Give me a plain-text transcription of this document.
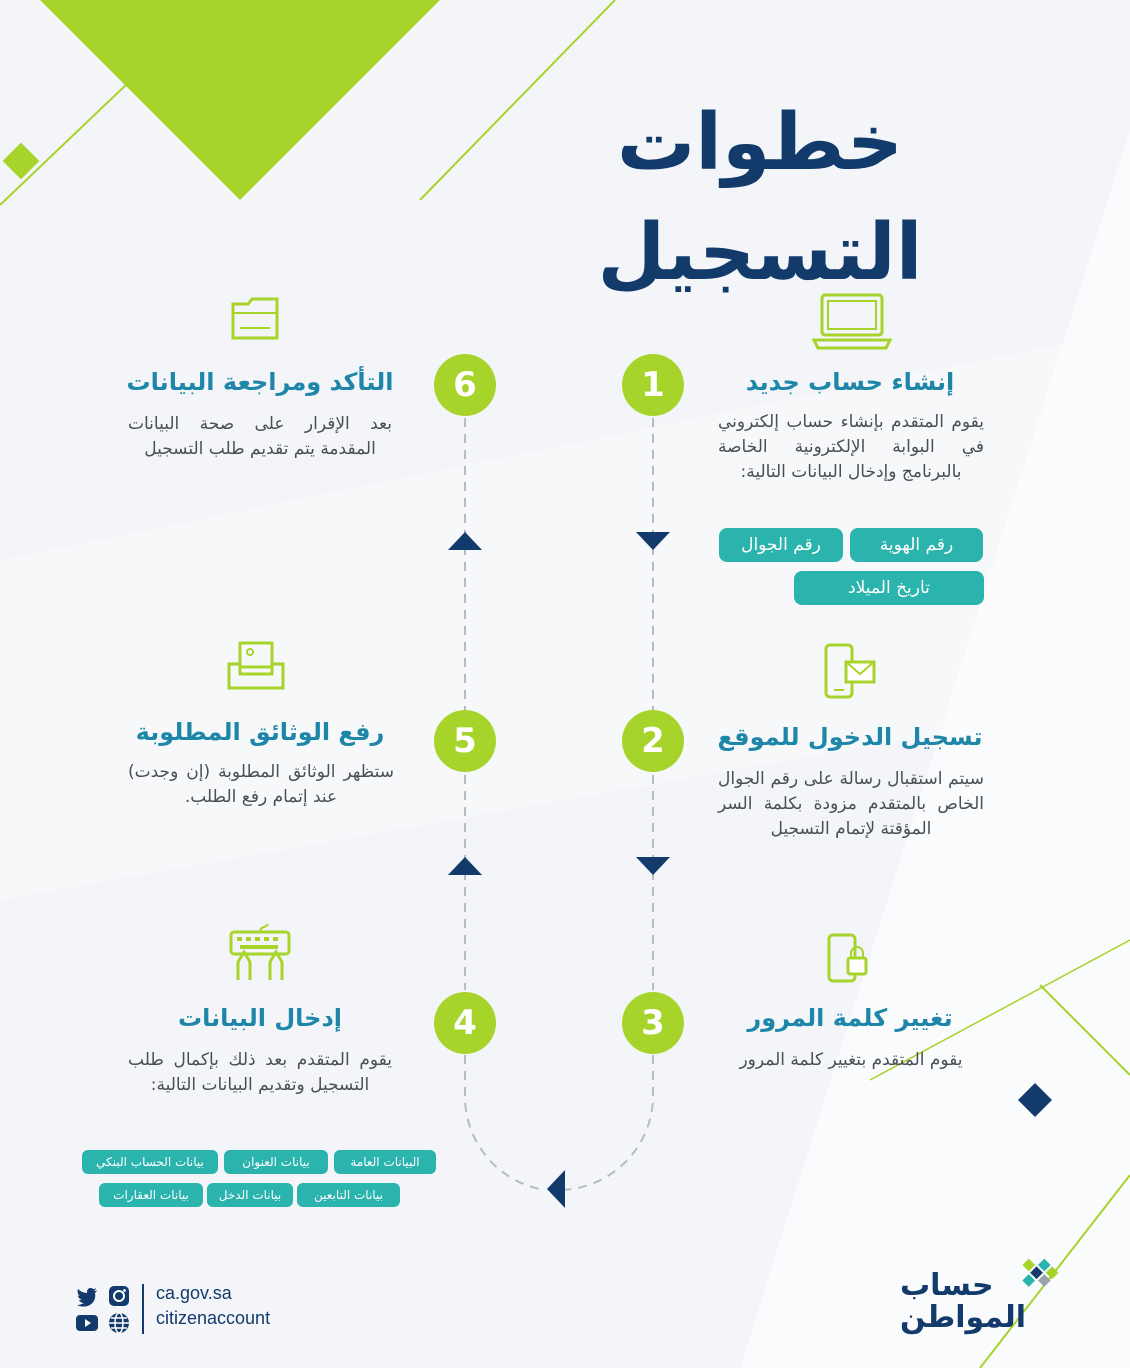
خطوات التسجيل
1	إنشاء حساب جديد
يقوم المتقدم بإنشاء حساب إلكتروني في البوابة الإلكترونية الخاصة بالبرنامج وإدخال البيانات التالية:
رقم الهوية
رقم الجوال
تاريخ الميلاد
6
التأكد ومراجعة البيانات
بعد الإقرار على صحة البيانات المقدمة يتم تقديم طلب التسجيل
2	تسجيل الدخول للموقع
سيتم استقبال رسالة على رقم الجوال الخاص بالمتقدم مزودة بكلمة السر المؤقتة لإتمام التسجيل
5
رفع الوثائق المطلوبة
ستظهر الوثائق المطلوبة (إن وجدت) عند إتمام رفع الطلب.
3	تغيير كلمة المرور
يقوم المتقدم بتغيير كلمة المرور
4
إدخال البيانات
يقوم المتقدم بعد ذلك بإكمال طلب التسجيل وتقديم البيانات التالية:
البيانات العامة
بيانات العنوان
بيانات الحساب البنكي
بيانات التابعين
بيانات الدخل
بيانات العقارات
ca.gov.sa
citizenaccount
حساب
المواطن
